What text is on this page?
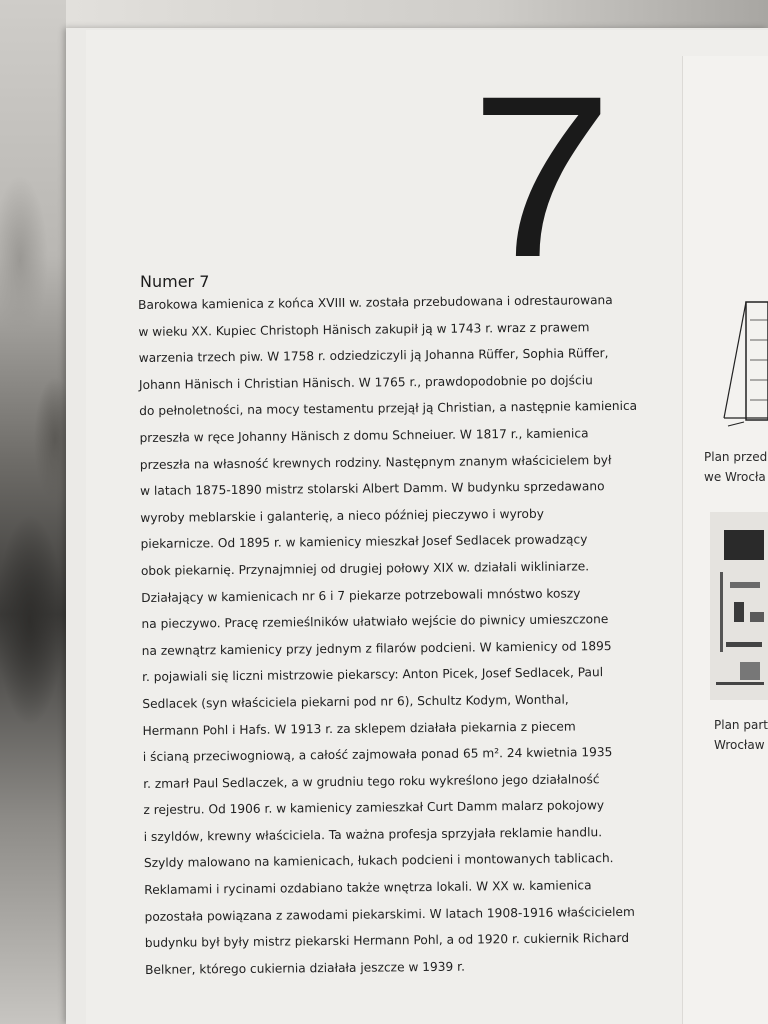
7
Numer 7
Barokowa kamienica z końca XVIII w. została przebudowana i odrestaurowana
w wieku XX. Kupiec Christoph Hänisch zakupił ją w 1743 r. wraz z prawem
warzenia trzech piw. W 1758 r. odziedziczyli ją Johanna Rüffer, Sophia Rüffer,
Johann Hänisch i Christian Hänisch. W 1765 r., prawdopodobnie po dojściu
do pełnoletności, na mocy testamentu przejął ją Christian, a następnie kamienica
przeszła w ręce Johanny Hänisch z domu Schneiuer. W 1817 r., kamienica
przeszła na własność krewnych rodziny. Następnym znanym właścicielem był
w latach 1875-1890 mistrz stolarski Albert Damm. W budynku sprzedawano
wyroby meblarskie i galanterię, a nieco później pieczywo i wyroby
piekarnicze. Od 1895 r. w kamienicy mieszkał Josef Sedlacek prowadzący
obok piekarnię. Przynajmniej od drugiej połowy XIX w. działali wikliniarze.
Działający w kamienicach nr 6 i 7 piekarze potrzebowali mnóstwo koszy
na pieczywo. Pracę rzemieślników ułatwiało wejście do piwnicy umieszczone
na zewnątrz kamienicy przy jednym z filarów podcieni. W kamienicy od 1895
r. pojawiali się liczni mistrzowie piekarscy: Anton Picek, Josef Sedlacek, Paul
Sedlacek (syn właściciela piekarni pod nr 6), Schultz Kodym, Wonthal,
Hermann Pohl i Hafs. W 1913 r. za sklepem działała piekarnia z piecem
i ścianą przeciwogniową, a całość zajmowała ponad 65 m². 24 kwietnia 1935
r. zmarł Paul Sedlaczek, a w grudniu tego roku wykreślono jego działalność
z rejestru. Od 1906 r. w kamienicy zamieszkał Curt Damm malarz pokojowy
i szyldów, krewny właściciela. Ta ważna profesja sprzyjała reklamie handlu.
Szyldy malowano na kamienicach, łukach podcieni i montowanych tablicach.
Reklamami i rycinami ozdabiano także wnętrza lokali. W XX w. kamienica
pozostała powiązana z zawodami piekarskimi. W latach 1908-1916 właścicielem
budynku był były mistrz piekarski Hermann Pohl, a od 1920 r. cukiernik Richard
Belkner, którego cukiernia działała jeszcze w 1939 r.
Plan przed
we Wrocła
Plan part
Wrocław
